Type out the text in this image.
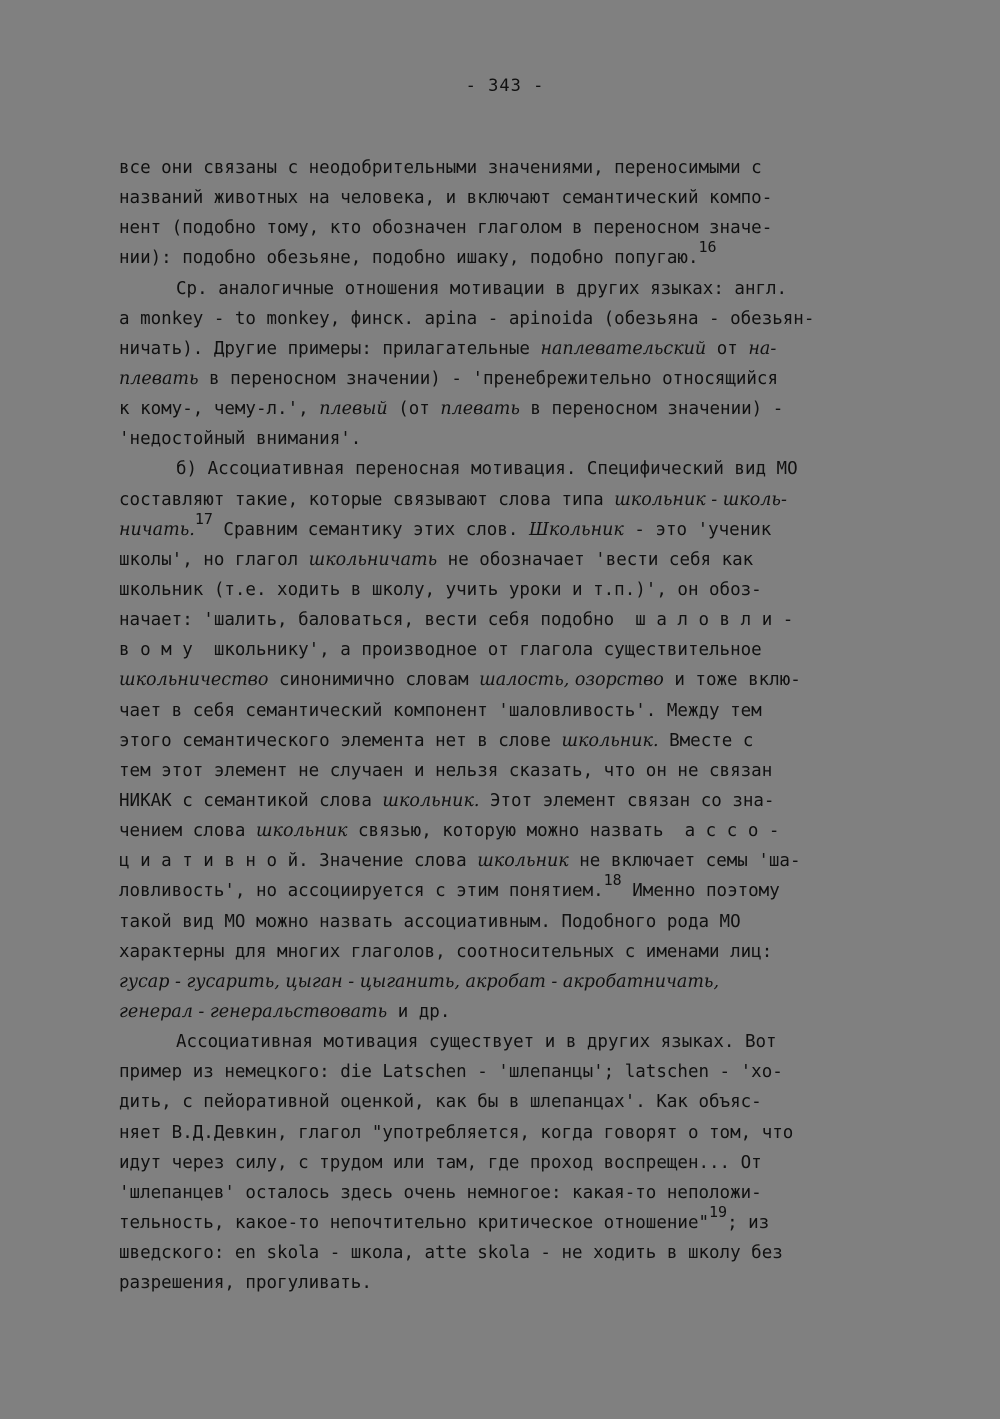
- 343 -
все они связаны с неодобрительными значениями, переносимыми с
названий животных на человека, и включают семантический компо-
нент (подобно тому, кто обозначен глаголом в переносном значе-
нии): подобно обезьяне, подобно ишаку, подобно попугаю.16
Ср. аналогичные отношения мотивации в других языках: англ.
a monkey - to monkey, финск. apina - apinoida (обезьяна - обезьян-
ничать). Другие примеры: прилагательные наплевательский от на-
плевать в переносном значении) - 'пренебрежительно относящийся
к кому-, чему-л.', плевый (от плевать в переносном значении) -
'недостойный внимания'.
б) Ассоциативная переносная мотивация. Специфический вид МО
составляют такие, которые связывают слова типа школьник - школь-
ничать.17 Сравним семантику этих слов. Школьник - это 'ученик
школы', но глагол школьничать не обозначает 'вести себя как
школьник (т.е. ходить в школу, учить уроки и т.п.)', он обоз-
начает: 'шалить, баловаться, вести себя подобно  ш а л о в л и -
в о м у  школьнику', а производное от глагола существительное
школьничество синонимично словам шалость, озорство и тоже вклю-
чает в себя семантический компонент 'шаловливость'. Между тем
этого семантического элемента нет в слове школьник. Вместе с
тем этот элемент не случаен и нельзя сказать, что он не связан
НИКАК с семантикой слова школьник. Этот элемент связан со зна-
чением слова школьник связью, которую можно назвать  а с с о -
ц и а т и в н о й. Значение слова школьник не включает семы 'ша-
ловливость', но ассоциируется с этим понятием.18 Именно поэтому
такой вид МО можно назвать ассоциативным. Подобного рода МО
характерны для многих глаголов, соотносительных с именами лиц:
гусар - гусарить, цыган - цыганить, акробат - акробатничать,
генерал - генеральствовать и др.
Ассоциативная мотивация существует и в других языках. Вот
пример из немецкого: die Latschen - 'шлепанцы'; latschen - 'хо-
дить, с пейоративной оценкой, как бы в шлепанцах'. Как объяс-
няет В.Д.Девкин, глагол "употребляется, когда говорят о том, что
идут через силу, с трудом или там, где проход воспрещен... От
'шлепанцев' осталось здесь очень немногое: какая-то неположи-
тельность, какое-то непочтительно критическое отношение"19; из
шведского: en skola - школа, atte skola - не ходить в школу без
разрешения, прогуливать.
